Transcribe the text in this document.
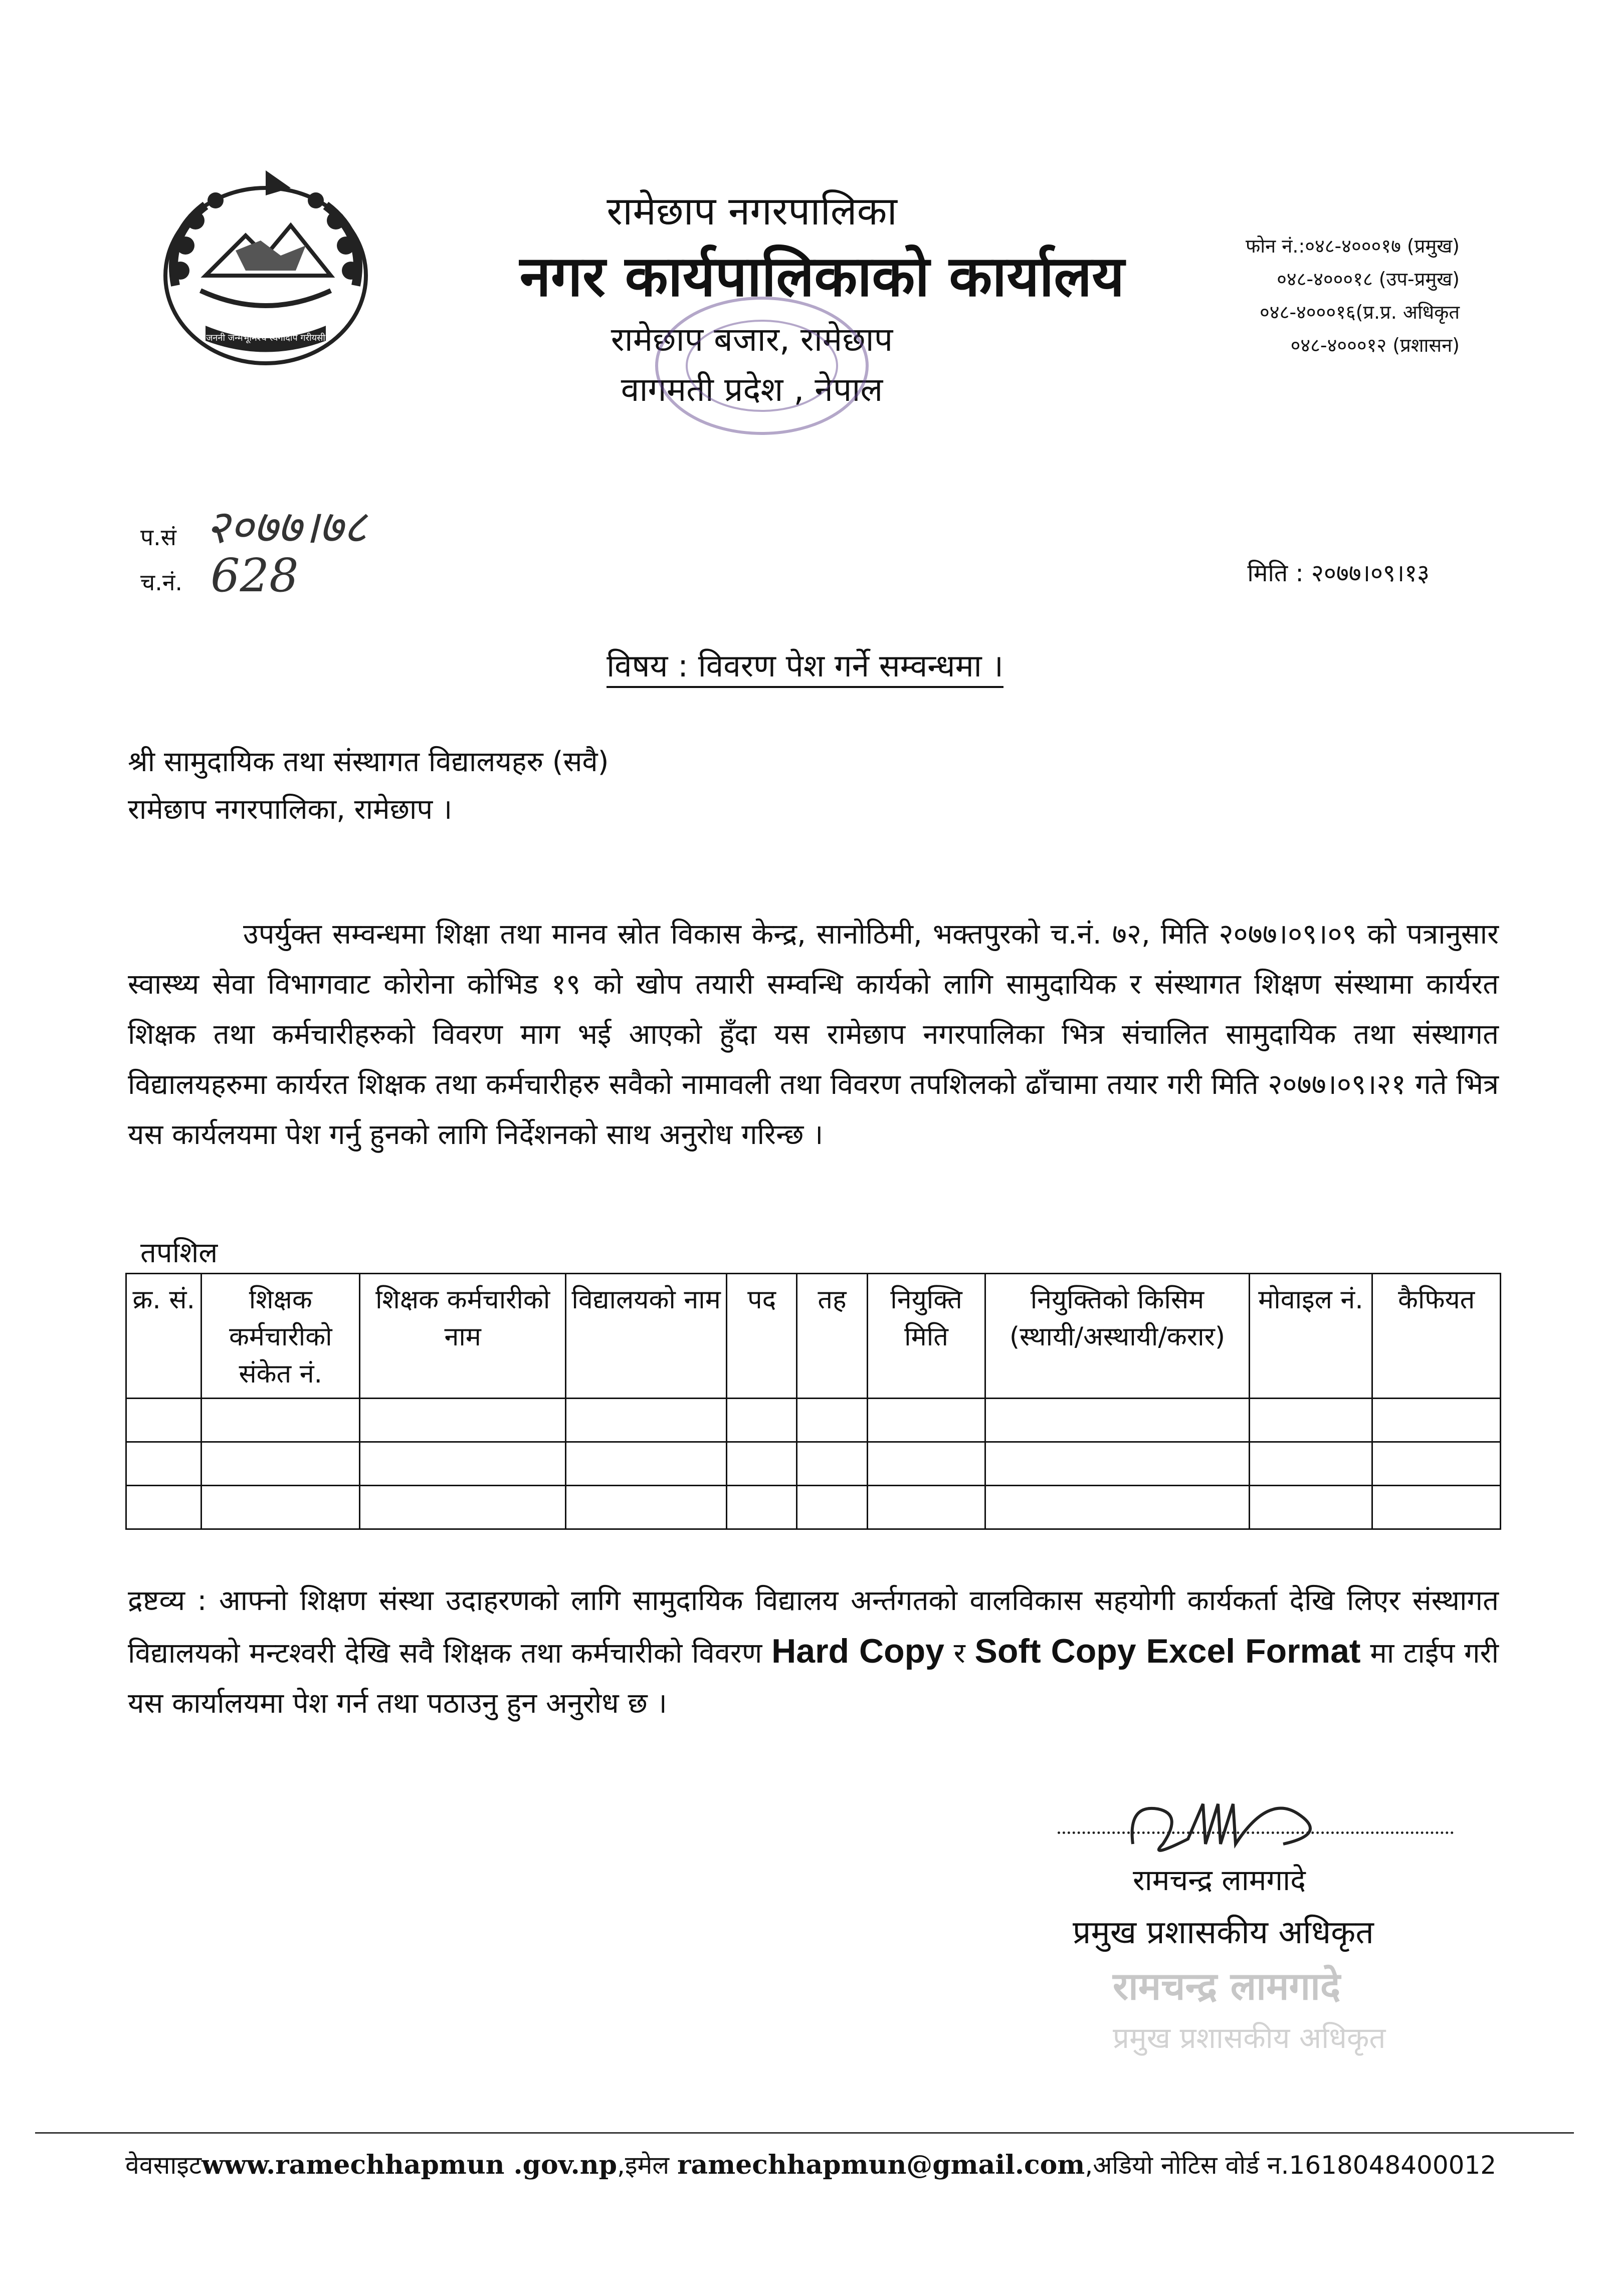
जननी जन्मभूमिश्च स्वर्गादपि गरीयसी
रामेछाप नगरपालिका
नगर कार्यपालिकाको कार्यालय
रामेछाप बजार, रामेछाप
वागमती प्रदेश , नेपाल
फोन नं.:०४८-४०००१७ (प्रमुख)
०४८-४०००१८ (उप-प्रमुख)
०४८-४०००१६(प्र.प्र. अधिकृत
०४८-४०००१२ (प्रशासन)
प.सं २०७७।७८
च.नं. 628	मिति : २०७७।०९।१३
विषय : विवरण पेश गर्ने सम्वन्धमा ।
श्री सामुदायिक तथा संस्थागत विद्यालयहरु (सवै)
रामेछाप नगरपालिका, रामेछाप ।
उपर्युक्त सम्वन्धमा शिक्षा तथा मानव स्रोत विकास केन्द्र, सानोठिमी, भक्तपुरको च.नं. ७२, मिति २०७७।०९।०९ को पत्रानुसार स्वास्थ्य सेवा विभागवाट कोरोना कोभिड १९ को खोप तयारी सम्वन्धि कार्यको लागि सामुदायिक र संस्थागत शिक्षण संस्थामा कार्यरत शिक्षक तथा कर्मचारीहरुको विवरण माग भई आएको हुँदा यस रामेछाप नगरपालिका भित्र संचालित सामुदायिक तथा संस्थागत विद्यालयहरुमा कार्यरत शिक्षक तथा कर्मचारीहरु सवैको नामावली तथा विवरण तपशिलको ढाँचामा तयार गरी मिति २०७७।०९।२१ गते भित्र यस कार्यलयमा पेश गर्नु हुनको लागि निर्देशनको साथ अनुरोध गरिन्छ ।
तपशिल
क्र. सं.	शिक्षक कर्मचारीको संकेत नं.	शिक्षक कर्मचारीको नाम	विद्यालयको नाम	पद	तह	नियुक्ति मिति	नियुक्तिको किसिम (स्थायी/अस्थायी/करार)	मोवाइल नं.	कैफियत

द्रष्टव्य : आफ्नो शिक्षण संस्था उदाहरणको लागि सामुदायिक विद्यालय अर्न्तगतको वालविकास सहयोगी कार्यकर्ता देखि लिएर संस्थागत विद्यालयको मन्टश्वरी देखि सवै शिक्षक तथा कर्मचारीको विवरण Hard Copy र Soft Copy Excel Format मा टाईप गरी यस कार्यालयमा पेश गर्न तथा पठाउनु हुन अनुरोध छ ।
रामचन्द्र लामगादे
प्रमुख प्रशासकीय अधिकृत
रामचन्द्र लामगादे
प्रमुख प्रशासकीय अधिकृत
वेवसाइटwww.ramechhapmun .gov.np,इमेल ramechhapmun@gmail.com,अडियो नोटिस वोर्ड न.1618048400012
